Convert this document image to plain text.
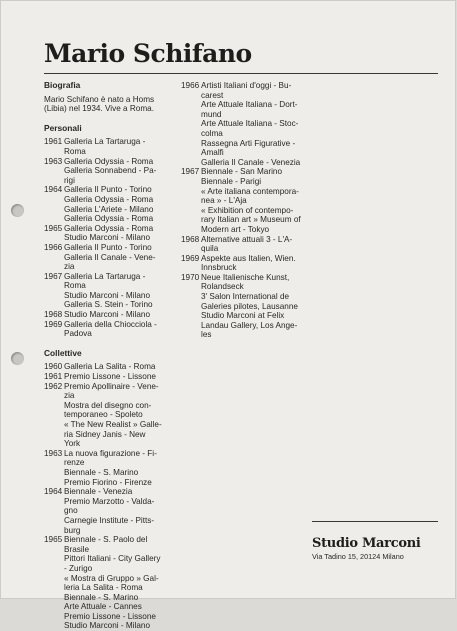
Mario Schifano
Biografia
Mario Schifano è nato a Homs
(Libia) nel 1934. Vive a Roma.
Personali
1961 Galleria La Tartaruga -
Roma
1963 Galleria Odyssia - Roma
Galleria Sonnabend - Pa-
rigi
1964 Galleria Il Punto - Torino
Galleria Odyssia - Roma
Galleria L'Ariete - Milano
Galleria Odyssia - Roma
1965 Galleria Odyssia - Roma
Studio Marconi - Milano
1966 Galleria Il Punto - Torino
Galleria Il Canale - Vene-
zia
1967 Galleria La Tartaruga -
Roma
Studio Marconi - Milano
Galleria S. Stein - Torino
1968 Studio Marconi - Milano
1969 Galleria della Chiocciola -
Padova
Collettive
1960 Galleria La Salita - Roma
1961 Premio Lissone - Lissone
1962 Premio Apollinaire - Vene-
zia
Mostra del disegno con-
temporaneo - Spoleto
« The New Realist » Galle-
ria Sidney Janis - New
York
1963 La nuova figurazione - Fi-
renze
Biennale - S. Marino
Premio Fiorino - Firenze
1964 Biennale - Venezia
Premio Marzotto - Valda-
gno
Carnegie Institute - Pitts-
burg
1965 Biennale - S. Paolo del
Brasile
Pittori Italiani - City Gallery
- Zurigo
« Mostra di Gruppo » Gal-
leria La Salita - Roma
Biennale - S. Marino
Arte Attuale - Cannes
Premio Lissone - Lissone
Studio Marconi - Milano
1966 Artisti Italiani d'oggi - Bu-
carest
Arte Attuale Italiana - Dort-
mund
Arte Attuale Italiana - Stoc-
colma
Rassegna Arti Figurative -
Amalfi
Galleria Il Canale - Venezia
1967 Biennale - San Marino
Biennale - Parigi
« Arte italiana contempora-
nea » - L'Aja
« Exhibition of contempo-
rary Italian art » Museum of
Modern art - Tokyo
1968 Alternative attuali 3 - L'A-
quila
1969 Aspekte aus Italien, Wien.
Innsbruck
1970 Neue Italienische Kunst,
Rolandseck
3' Salon International de
Galeries pilotes, Lausanne
Studio Marconi at Felix
Landau Gallery, Los Ange-
les
Studio Marconi
Via Tadino 15, 20124 Milano
